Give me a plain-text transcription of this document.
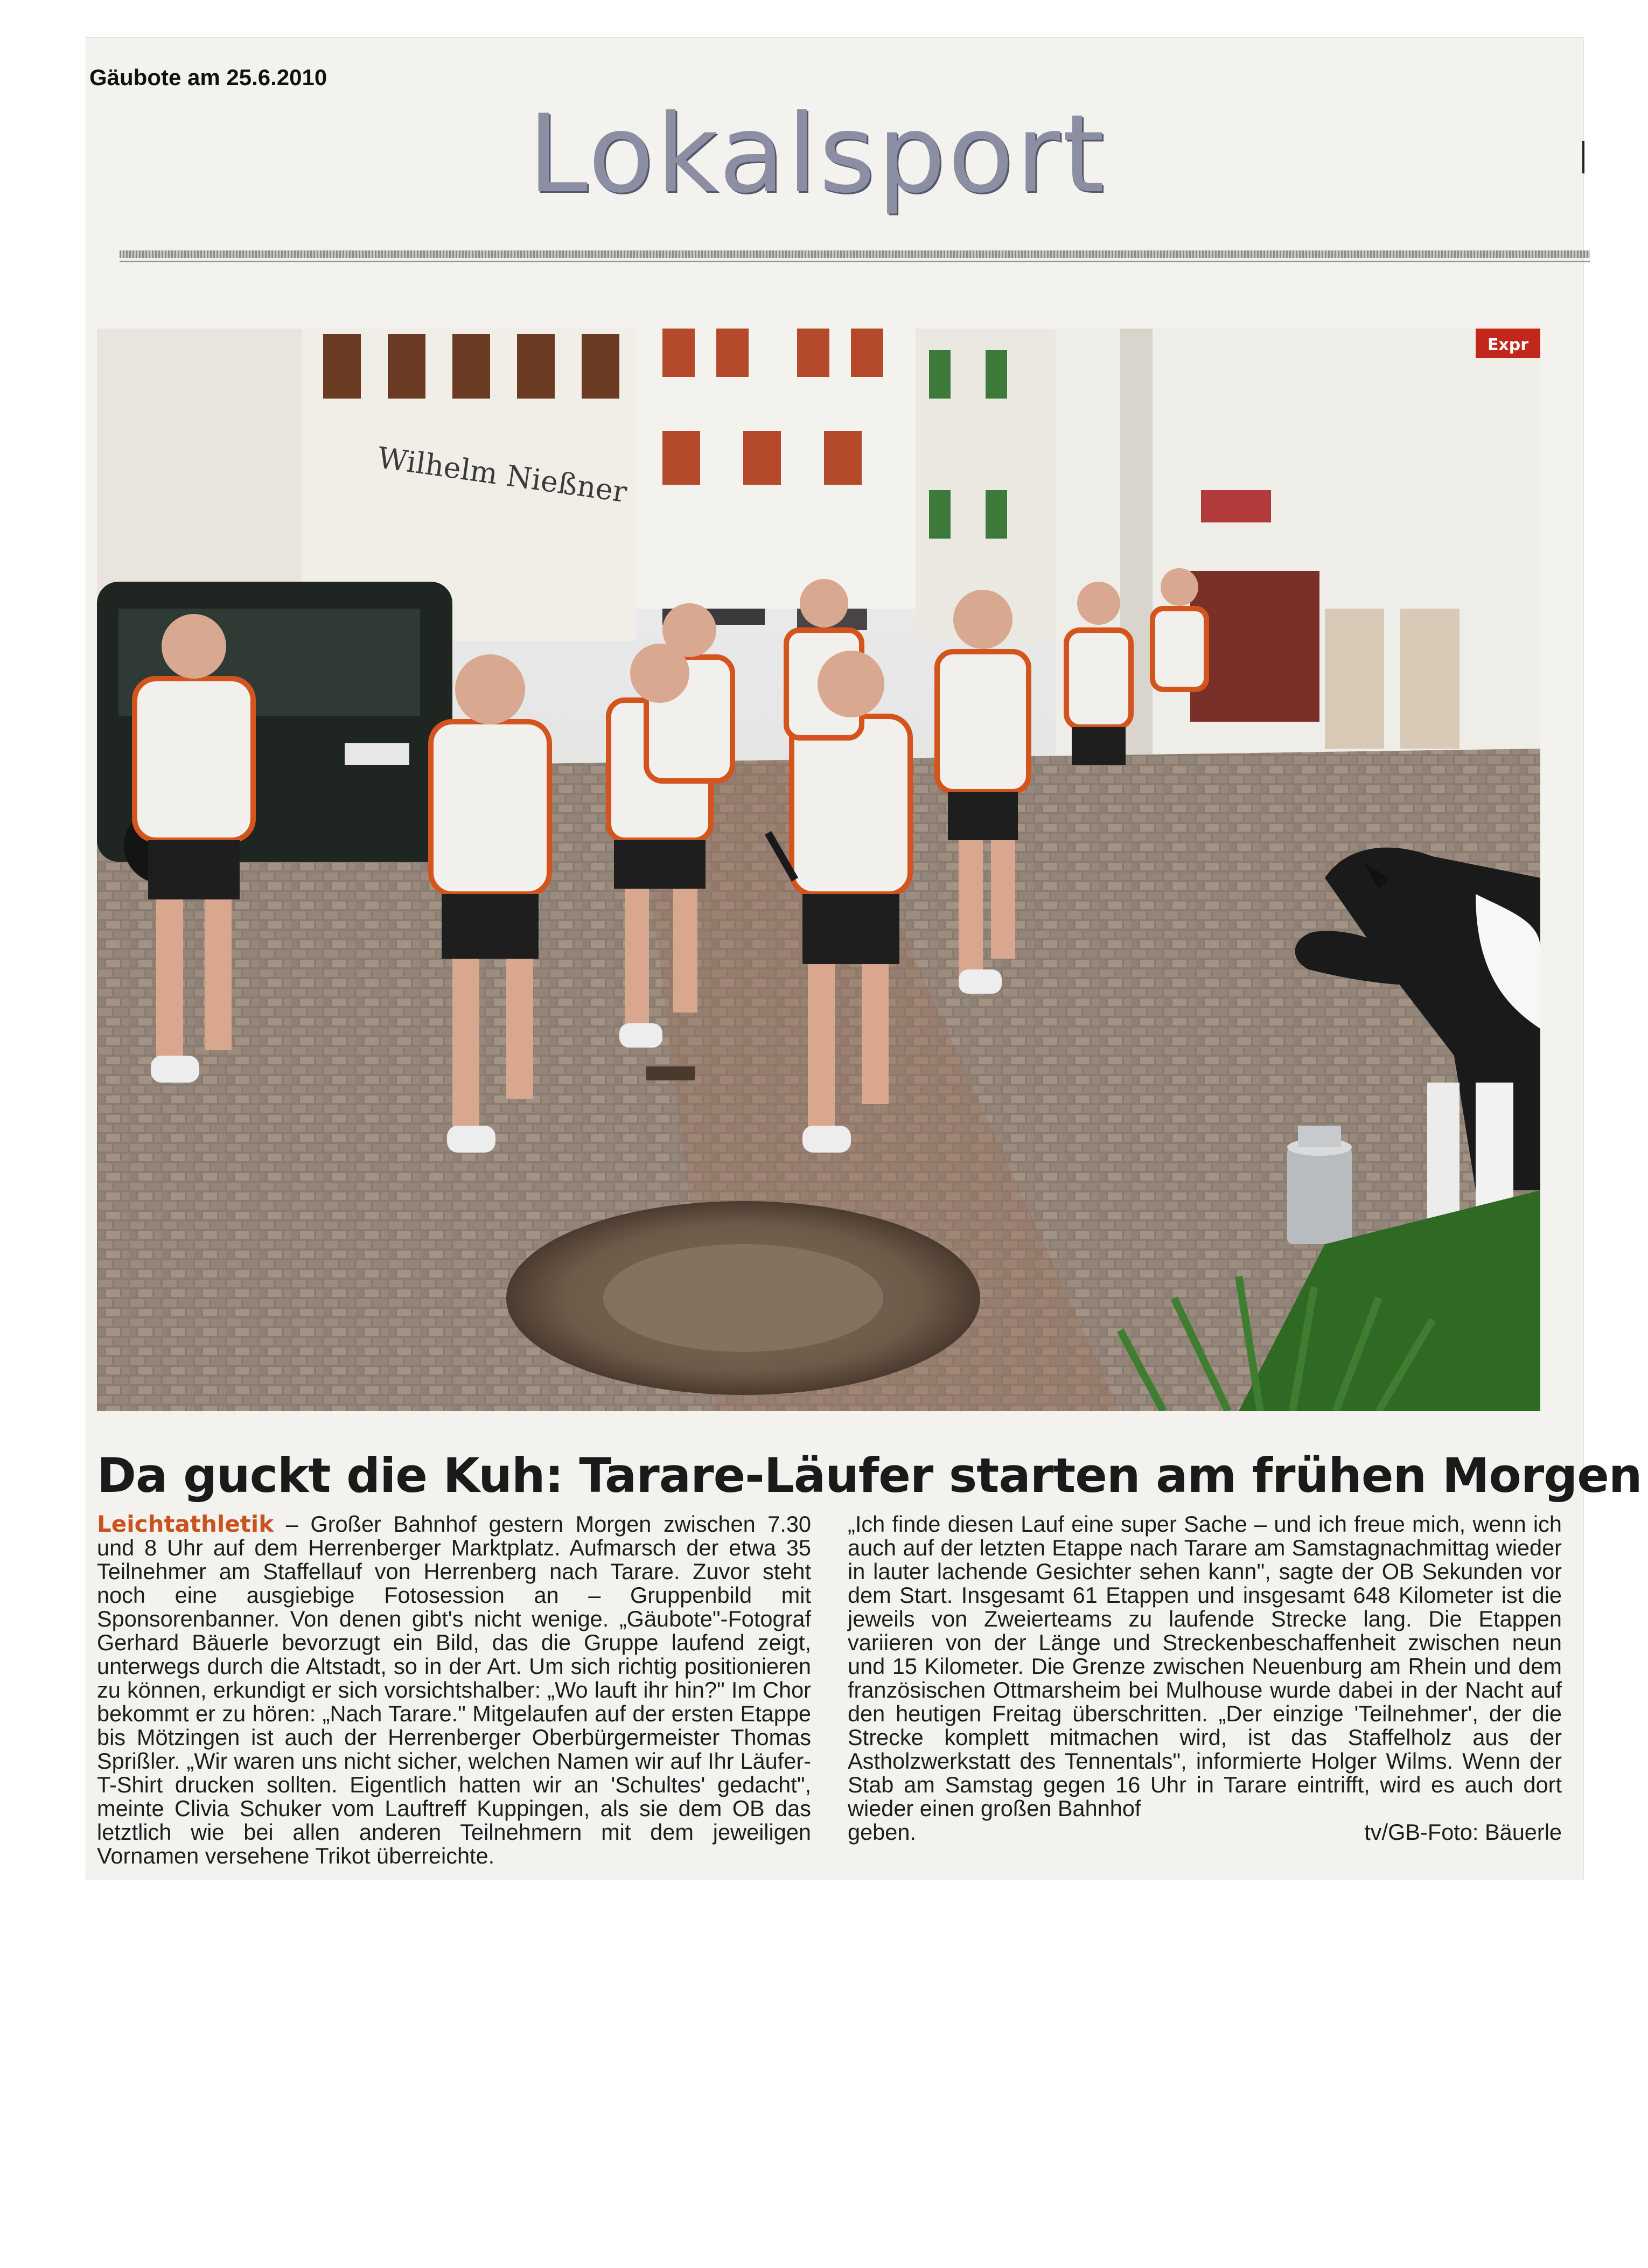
Gäubote am 25.6.2010
Lokalsport
Wilhelm Nießner
Expr
Da guckt die Kuh: Tarare-Läufer starten am frühen Morgen

Leichtathletik – Großer Bahnhof gestern Morgen zwischen 7.30 und 8 Uhr auf dem Herrenberger Marktplatz. Aufmarsch der etwa 35 Teilnehmer am Staffellauf von Herrenberg nach Tarare. Zuvor steht noch eine ausgiebige Fotosession an – Gruppenbild mit Sponsorenbanner. Von denen gibt's nicht wenige. „Gäubote"-Fotograf Gerhard Bäuerle bevorzugt ein Bild, das die Gruppe laufend zeigt, unterwegs durch die Altstadt, so in der Art. Um sich richtig positionieren zu können, erkundigt er sich vorsichtshalber: „Wo lauft ihr hin?" Im Chor bekommt er zu hören: „Nach Tarare." Mitgelaufen auf der ersten Etappe bis Mötzingen ist auch der Herrenberger Oberbürgermeister Thomas Sprißler. „Wir waren uns nicht sicher, welchen Namen wir auf Ihr Läufer-T-Shirt drucken sollten. Eigentlich hatten wir an 'Schultes' gedacht", meinte Clivia Schuker vom Lauftreff Kuppingen, als sie dem OB das letztlich wie bei allen anderen Teilnehmern mit dem jeweiligen Vornamen versehene Trikot überreichte.

„Ich finde diesen Lauf eine super Sache – und ich freue mich, wenn ich auch auf der letzten Etappe nach Tarare am Samstagnachmittag wieder in lauter lachende Gesichter sehen kann", sagte der OB Sekunden vor dem Start. Insgesamt 61 Etappen und insgesamt 648 Kilometer ist die jeweils von Zweierteams zu laufende Strecke lang. Die Etappen variieren von der Länge und Streckenbeschaffenheit zwischen neun und 15 Kilometer. Die Grenze zwischen Neuenburg am Rhein und dem französischen Ottmarsheim bei Mulhouse wurde dabei in der Nacht auf den heutigen Freitag überschritten. „Der einzige 'Teilnehmer', der die Strecke komplett mitmachen wird, ist das Staffelholz aus der Astholzwerkstatt des Tennentals", informierte Holger Wilms. Wenn der Stab am Samstag gegen 16 Uhr in Tarare eintrifft, wird es auch dort wieder einen großen Bahnhof

geben.	tv/GB-Foto: Bäuerle
